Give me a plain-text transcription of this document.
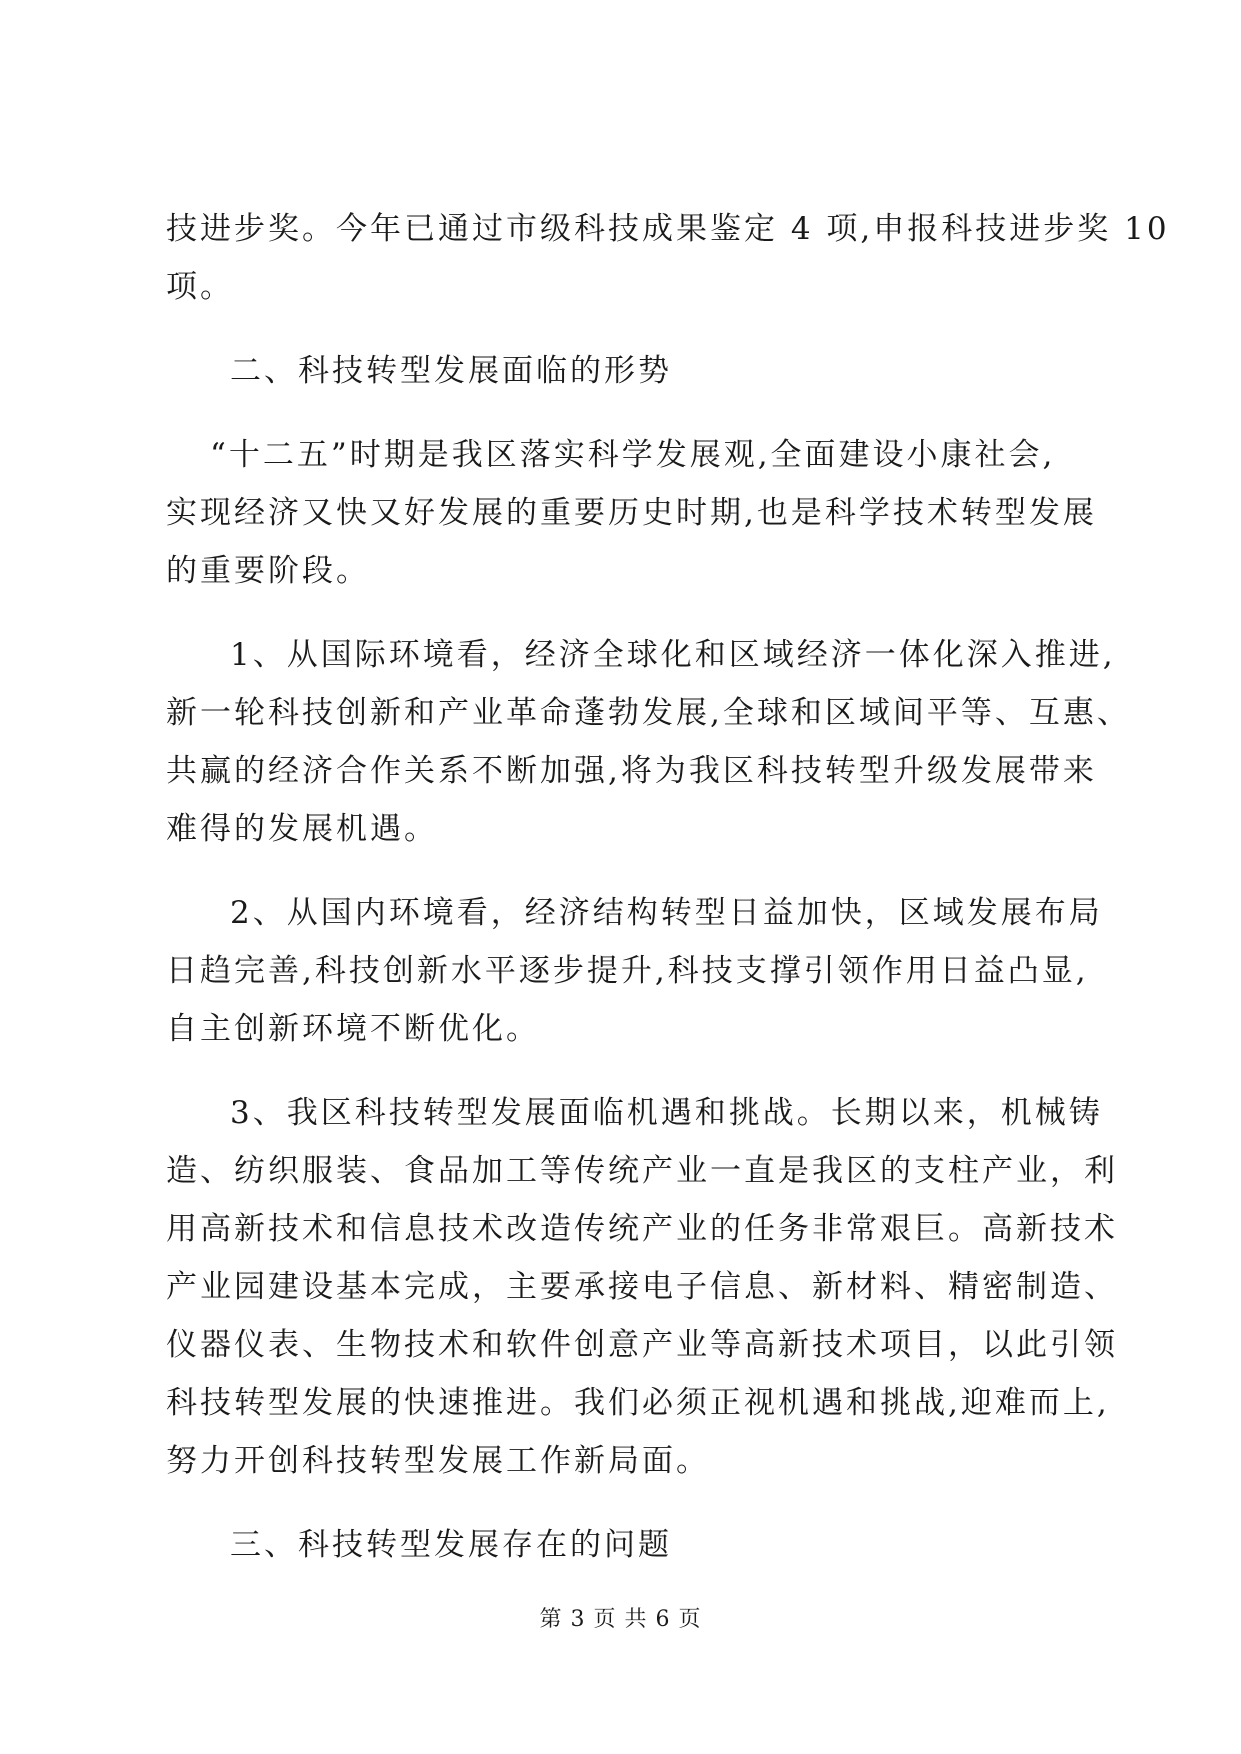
技进步奖。今年已通过市级科技成果鉴定 4 项,申报科技进步奖 10
项。
二、科技转型发展面临的形势
“十二五”时期是我区落实科学发展观,全面建设小康社会,
实现经济又快又好发展的重要历史时期,也是科学技术转型发展
的重要阶段。
1、从国际环境看，经济全球化和区域经济一体化深入推进,
新一轮科技创新和产业革命蓬勃发展,全球和区域间平等、互惠、
共赢的经济合作关系不断加强,将为我区科技转型升级发展带来
难得的发展机遇。
2、从国内环境看，经济结构转型日益加快，区域发展布局
日趋完善,科技创新水平逐步提升,科技支撑引领作用日益凸显,
自主创新环境不断优化。
3、我区科技转型发展面临机遇和挑战。长期以来，机械铸
造、纺织服装、食品加工等传统产业一直是我区的支柱产业，利
用高新技术和信息技术改造传统产业的任务非常艰巨。高新技术
产业园建设基本完成，主要承接电子信息、新材料、精密制造、
仪器仪表、生物技术和软件创意产业等高新技术项目，以此引领
科技转型发展的快速推进。我们必须正视机遇和挑战,迎难而上,
努力开创科技转型发展工作新局面。
三、科技转型发展存在的问题
第 3 页 共 6 页
